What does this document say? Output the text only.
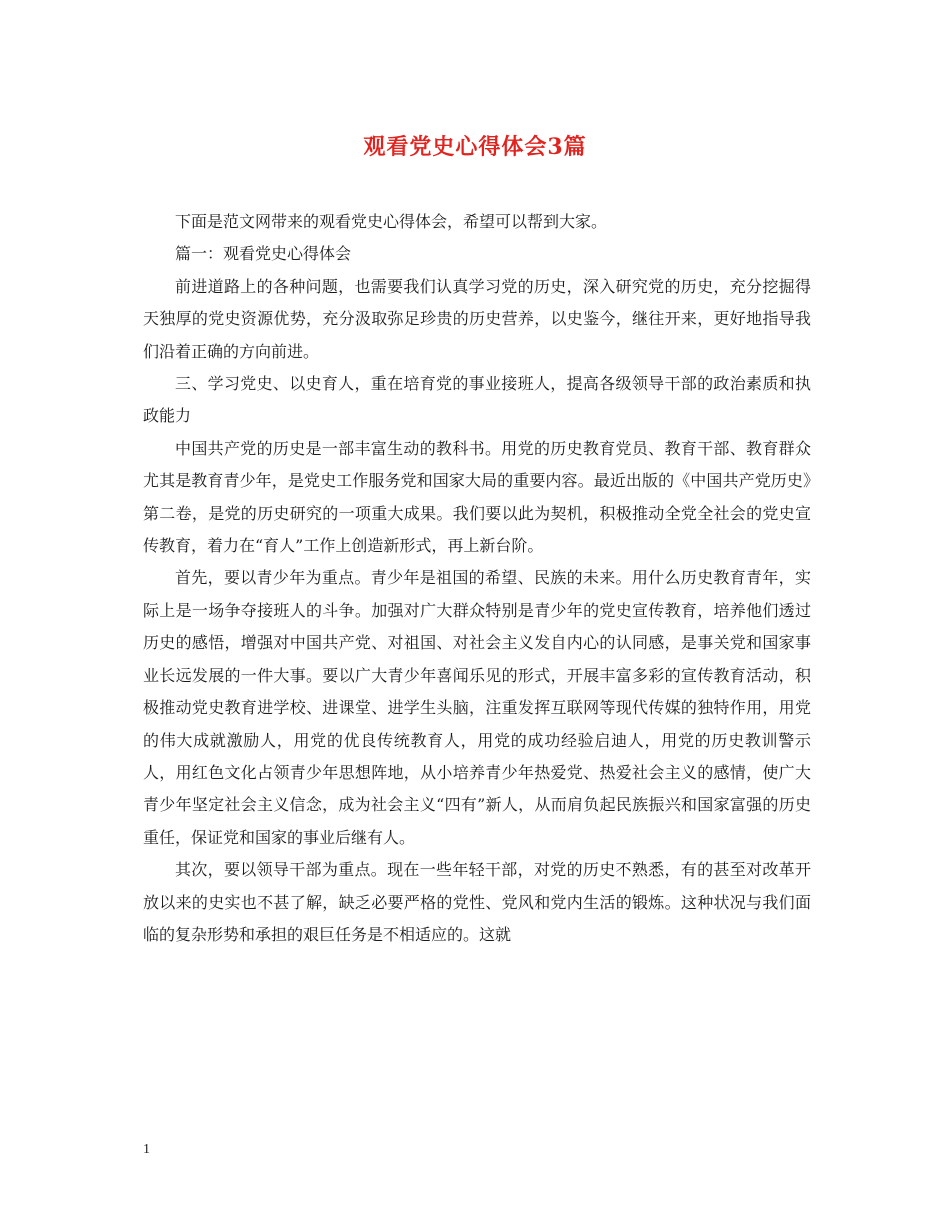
观看党史心得体会3篇

下面是范文网带来的观看党史心得体会，希望可以帮到大家。

篇一：观看党史心得体会

前进道路上的各种问题，也需要我们认真学习党的历史，深入研究党的历史，充分挖掘得天独厚的党史资源优势，充分汲取弥足珍贵的历史营养，以史鉴今，继往开来，更好地指导我们沿着正确的方向前进。

三、学习党史、以史育人，重在培育党的事业接班人，提高各级领导干部的政治素质和执政能力

中国共产党的历史是一部丰富生动的教科书。用党的历史教育党员、教育干部、教育群众尤其是教育青少年，是党史工作服务党和国家大局的重要内容。最近出版的《中国共产党历史》第二卷，是党的历史研究的一项重大成果。我们要以此为契机，积极推动全党全社会的党史宣传教育，着力在“育人”工作上创造新形式，再上新台阶。

首先，要以青少年为重点。青少年是祖国的希望、民族的未来。用什么历史教育青年，实际上是一场争夺接班人的斗争。加强对广大群众特别是青少年的党史宣传教育，培养他们透过历史的感悟，增强对中国共产党、对祖国、对社会主义发自内心的认同感，是事关党和国家事业长远发展的一件大事。要以广大青少年喜闻乐见的形式，开展丰富多彩的宣传教育活动，积极推动党史教育进学校、进课堂、进学生头脑，注重发挥互联网等现代传媒的独特作用，用党的伟大成就激励人，用党的优良传统教育人，用党的成功经验启迪人，用党的历史教训警示人，用红色文化占领青少年思想阵地，从小培养青少年热爱党、热爱社会主义的感情，使广大青少年坚定社会主义信念，成为社会主义“四有”新人，从而肩负起民族振兴和国家富强的历史重任，保证党和国家的事业后继有人。

其次，要以领导干部为重点。现在一些年轻干部，对党的历史不熟悉，有的甚至对改革开放以来的史实也不甚了解，缺乏必要严格的党性、党风和党内生活的锻炼。这种状况与我们面临的复杂形势和承担的艰巨任务是不相适应的。这就

1
